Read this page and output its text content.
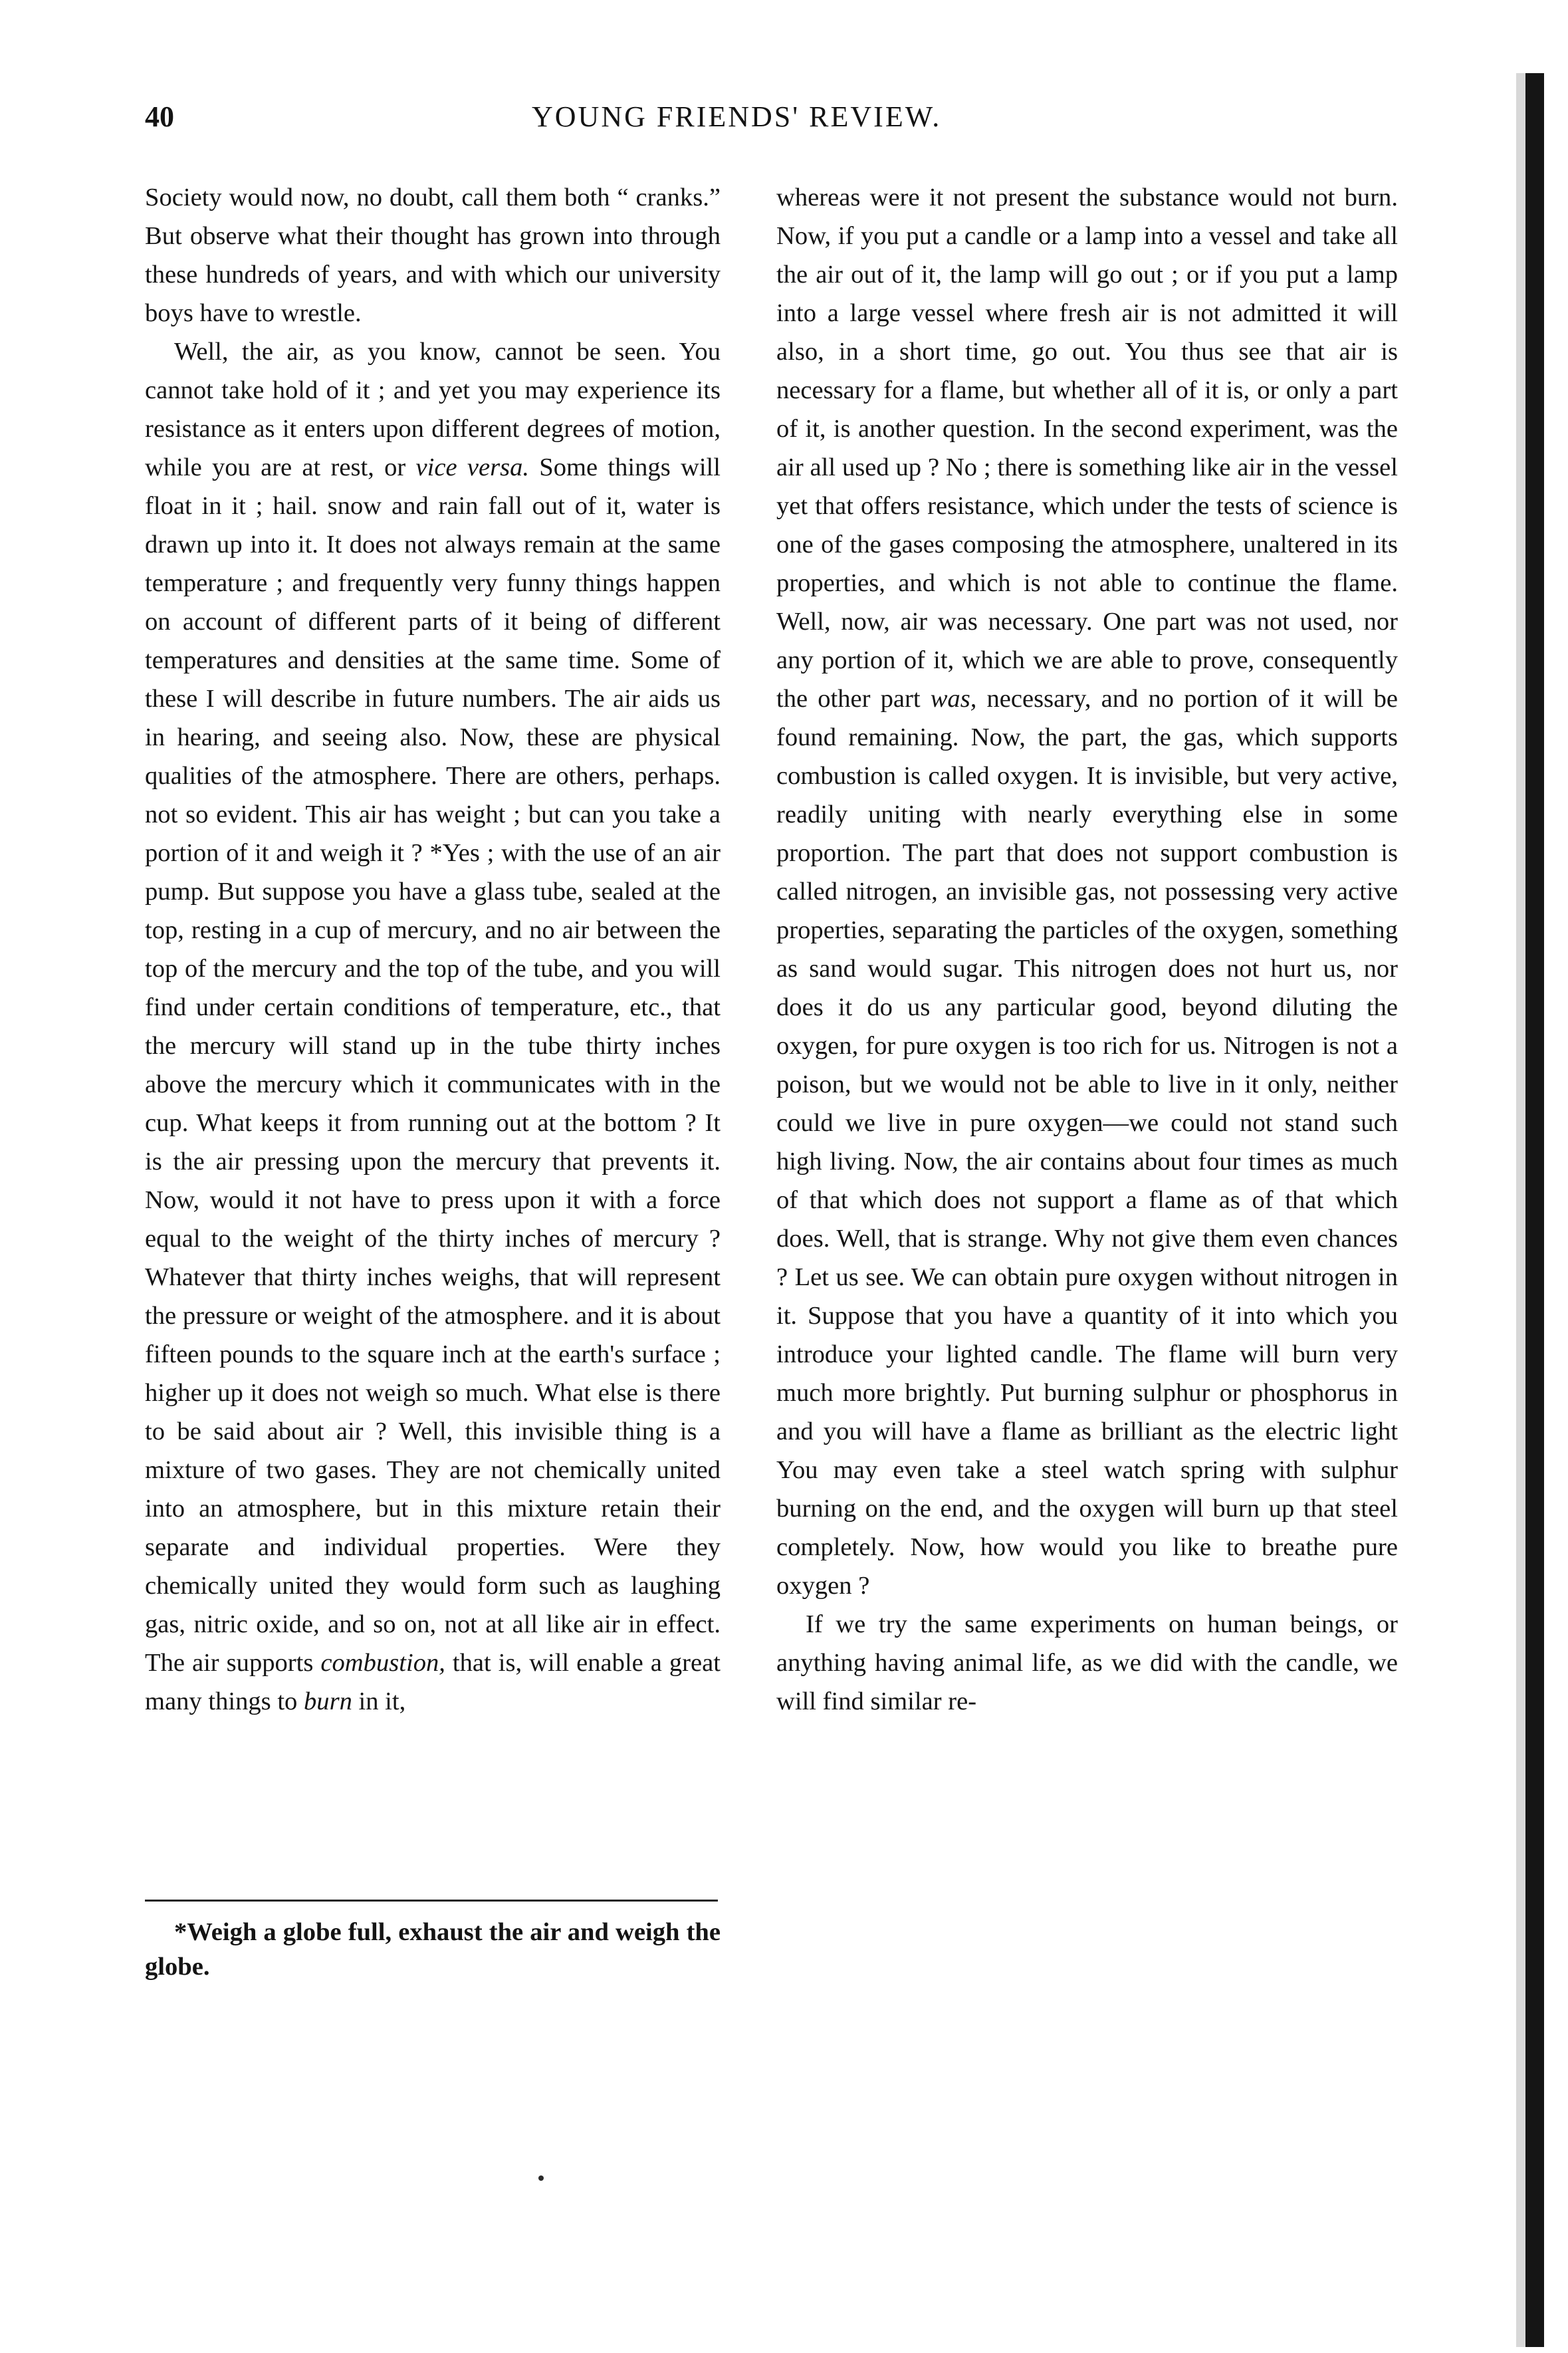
40	YOUNG FRIENDS' REVIEW.

Society would now, no doubt, call them both “ cranks.” But observe what their thought has grown into through these hundreds of years, and with which our university boys have to wrestle.

Well, the air, as you know, cannot be seen. You cannot take hold of it ; and yet you may experience its resistance as it enters upon different degrees of motion, while you are at rest, or vice versa. Some things will float in it ; hail. snow and rain fall out of it, water is drawn up into it. It does not always remain at the same temperature ; and frequently very funny things happen on account of different parts of it being of different temperatures and densities at the same time. Some of these I will describe in future numbers. The air aids us in hearing, and seeing also. Now, these are physical qualities of the atmosphere. There are others, perhaps. not so evident. This air has weight ; but can you take a portion of it and weigh it ? *Yes ; with the use of an air pump. But suppose you have a glass tube, sealed at the top, resting in a cup of mercury, and no air between the top of the mercury and the top of the tube, and you will find under certain conditions of temperature, etc., that the mercury will stand up in the tube thirty inches above the mercury which it communicates with in the cup. What keeps it from running out at the bottom ? It is the air pressing upon the mercury that prevents it. Now, would it not have to press upon it with a force equal to the weight of the thirty inches of mercury ? Whatever that thirty inches weighs, that will represent the pressure or weight of the atmosphere. and it is about fifteen pounds to the square inch at the earth's surface ; higher up it does not weigh so much. What else is there to be said about air ? Well, this invisible thing is a mixture of two gases. They are not chemically united into an atmosphere, but in this mixture retain their separate and individual properties. Were they chemically united they would form such as laughing gas, nitric oxide, and so on, not at all like air in effect. The air supports combustion, that is, will enable a great many things to burn in it,

whereas were it not present the substance would not burn. Now, if you put a candle or a lamp into a vessel and take all the air out of it, the lamp will go out ; or if you put a lamp into a large vessel where fresh air is not admitted it will also, in a short time, go out. You thus see that air is necessary for a flame, but whether all of it is, or only a part of it, is another question. In the second experiment, was the air all used up ? No ; there is something like air in the vessel yet that offers resistance, which under the tests of science is one of the gases composing the atmosphere, unaltered in its properties, and which is not able to continue the flame. Well, now, air was necessary. One part was not used, nor any portion of it, which we are able to prove, consequently the other part was, necessary, and no portion of it will be found remaining. Now, the part, the gas, which supports combustion is called oxygen. It is invisible, but very active, readily uniting with nearly everything else in some proportion. The part that does not support combustion is called nitrogen, an invisible gas, not possessing very active properties, separating the particles of the oxygen, something as sand would sugar. This nitrogen does not hurt us, nor does it do us any particular good, beyond diluting the oxygen, for pure oxygen is too rich for us. Nitrogen is not a poison, but we would not be able to live in it only, neither could we live in pure oxygen—we could not stand such high living. Now, the air contains about four times as much of that which does not support a flame as of that which does. Well, that is strange. Why not give them even chances ? Let us see. We can obtain pure oxygen without nitrogen in it. Suppose that you have a quantity of it into which you introduce your lighted candle. The flame will burn very much more brightly. Put burning sulphur or phosphorus in and you will have a flame as brilliant as the electric light You may even take a steel watch spring with sulphur burning on the end, and the oxygen will burn up that steel completely. Now, how would you like to breathe pure oxygen ?

If we try the same experiments on human beings, or anything having animal life, as we did with the candle, we will find similar re-

*Weigh a globe full, exhaust the air and weigh the globe.
